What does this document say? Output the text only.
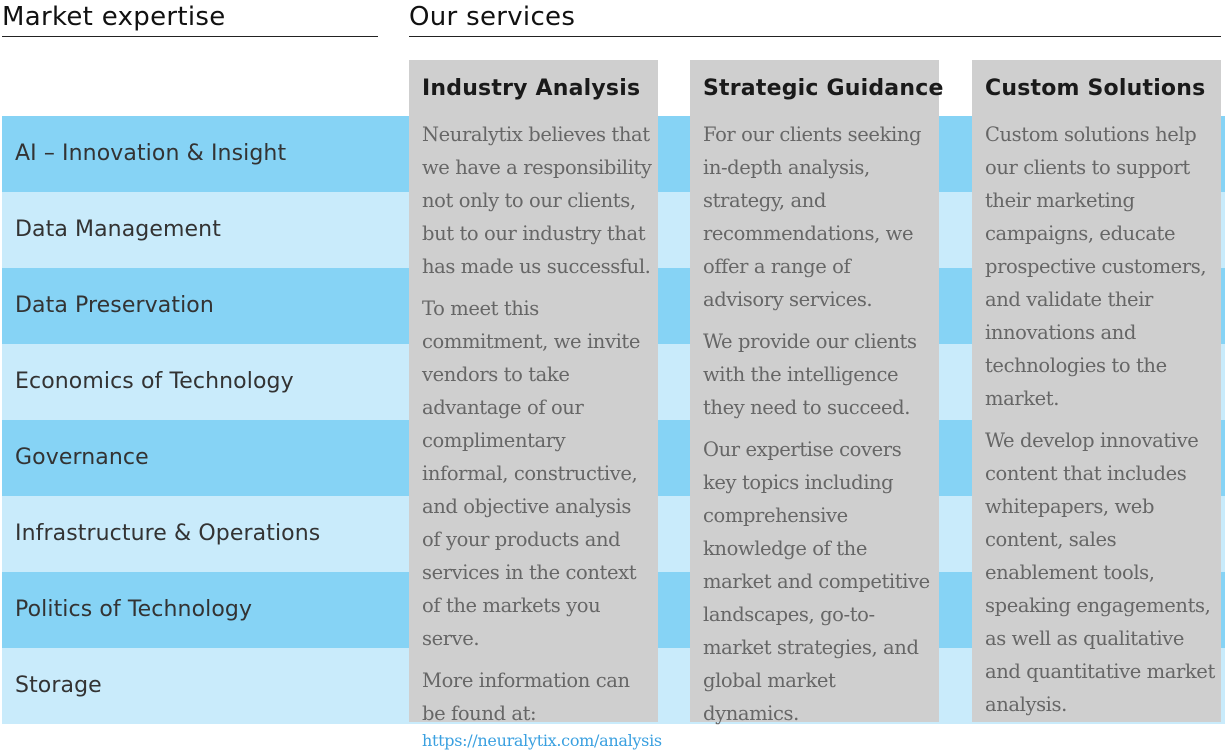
Market expertise	Our services
AI – Innovation & Insight
Data Management
Data Preservation
Economics of Technology
Governance
Infrastructure & Operations
Politics of Technology
Storage
Industry Analysis

Neuralytix believes that we have a responsibility not only to our clients, but to our industry that has made us successful.

To meet this commitment, we invite vendors to take advantage of our complimentary informal, constructive, and objective analysis of your products and services in the context of the markets you serve.

More information can be found at:

https://neuralytix.com/analysis
Strategic Guidance

For our clients seeking in-depth analysis, strategy, and recommendations, we offer a range of advisory services.

We provide our clients with the intelligence they need to succeed.

Our expertise covers key topics including comprehensive knowledge of the market and competitive landscapes, go-to-market strategies, and global market dynamics.

Custom Solutions

Custom solutions help our clients to support their marketing campaigns, educate prospective customers, and validate their innovations and technologies to the market.

We develop innovative content that includes whitepapers, web content, sales enablement tools, speaking engagements, as well as qualitative and quantitative market analysis.
